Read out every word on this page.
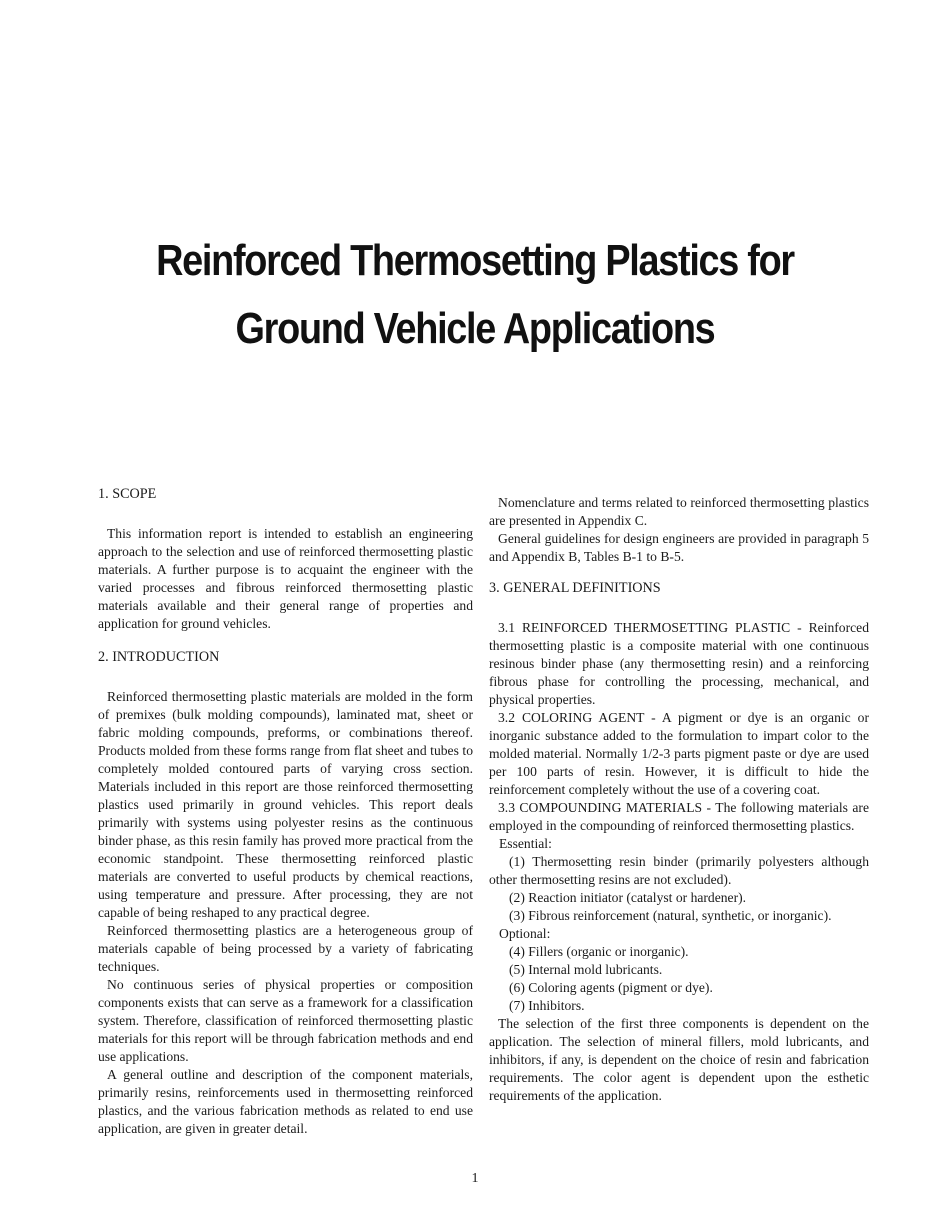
Reinforced Thermosetting Plastics for
Ground Vehicle Applications
1. SCOPE

This information report is intended to establish an engineering approach to the selection and use of reinforced thermosetting plastic materials. A further purpose is to acquaint the engineer with the varied processes and fibrous reinforced thermosetting plastic materials available and their general range of properties and application for ground vehicles.

2. INTRODUCTION

Reinforced thermosetting plastic materials are molded in the form of premixes (bulk molding compounds), laminated mat, sheet or fabric molding compounds, preforms, or combinations thereof. Products molded from these forms range from flat sheet and tubes to completely molded contoured parts of varying cross section. Materials included in this report are those reinforced thermosetting plastics used primarily in ground vehicles. This report deals primarily with systems using polyester resins as the continuous binder phase, as this resin family has proved more practical from the economic standpoint. These thermosetting reinforced plastic materials are converted to useful products by chemical reactions, using temperature and pressure. After processing, they are not capable of being reshaped to any practical degree.

Reinforced thermosetting plastics are a heterogeneous group of materials capable of being processed by a variety of fabricating techniques.

No continuous series of physical properties or composition components exists that can serve as a framework for a classification system. Therefore, classification of reinforced thermosetting plastic materials for this report will be through fabrication methods and end use applications.

A general outline and description of the component materials, primarily resins, reinforcements used in thermosetting reinforced plastics, and the various fabrication methods as related to end use application, are given in greater detail.

Nomenclature and terms related to reinforced thermosetting plastics are presented in Appendix C.

General guidelines for design engineers are provided in paragraph 5 and Appendix B, Tables B-1 to B-5.

3. GENERAL DEFINITIONS

3.1 REINFORCED THERMOSETTING PLASTIC - Reinforced thermosetting plastic is a composite material with one continuous resinous binder phase (any thermosetting resin) and a reinforcing fibrous phase for controlling the processing, mechanical, and physical properties.

3.2 COLORING AGENT - A pigment or dye is an organic or inorganic substance added to the formulation to impart color to the molded material. Normally 1/2-3 parts pigment paste or dye are used per 100 parts of resin. However, it is difficult to hide the reinforcement completely without the use of a covering coat.

3.3 COMPOUNDING MATERIALS - The following materials are employed in the compounding of reinforced thermosetting plastics.

Essential:

(1) Thermosetting resin binder (primarily polyesters although other thermosetting resins are not excluded).

(2) Reaction initiator (catalyst or hardener).

(3) Fibrous reinforcement (natural, synthetic, or inorganic).

Optional:

(4) Fillers (organic or inorganic).

(5) Internal mold lubricants.

(6) Coloring agents (pigment or dye).

(7) Inhibitors.

The selection of the first three components is dependent on the application. The selection of mineral fillers, mold lubricants, and inhibitors, if any, is dependent on the choice of resin and fabrication requirements. The color agent is dependent upon the esthetic requirements of the application.

1
